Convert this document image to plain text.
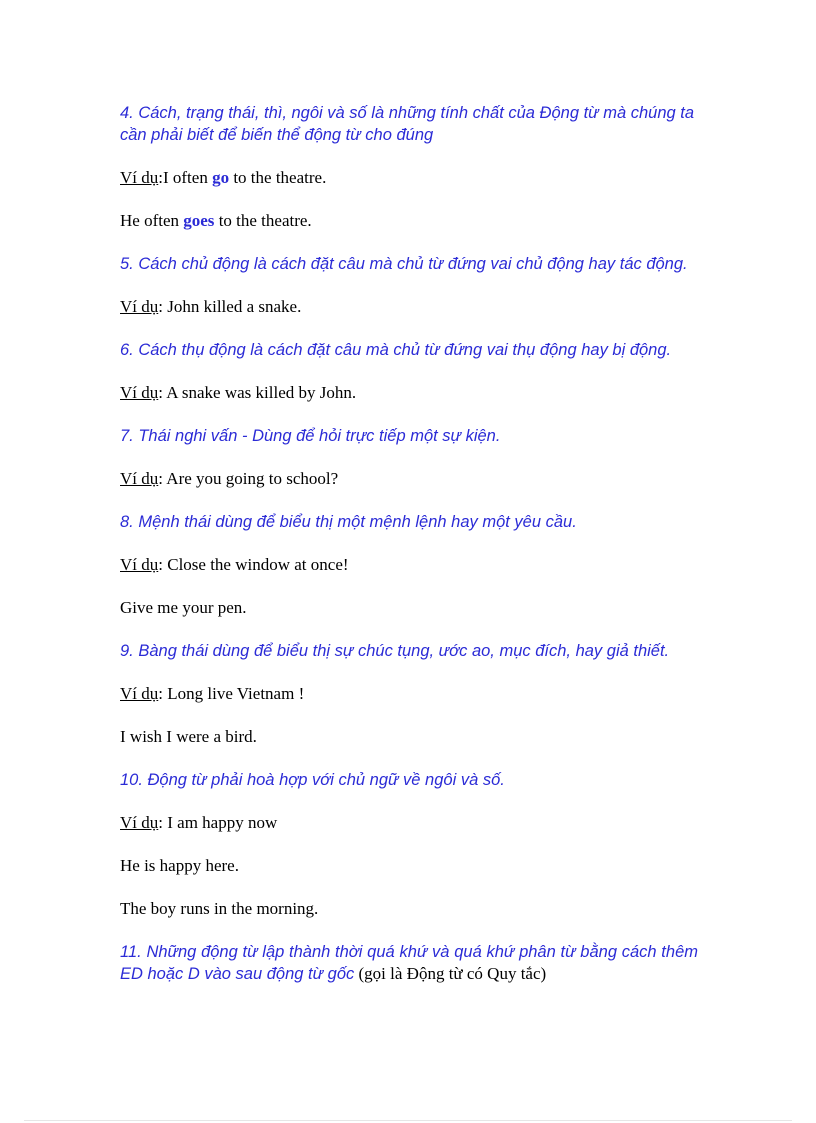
4. Cách, trạng thái, thì, ngôi và số là những tính chất của Động từ mà chúng ta cần phải biết để biến thể động từ cho đúng

Ví dụ:I often go to the theatre.

He often goes to the theatre.

5. Cách chủ động là cách đặt câu mà chủ từ đứng vai chủ động hay tác động.

Ví dụ: John killed a snake.

6. Cách thụ động là cách đặt câu mà chủ từ đứng vai thụ động hay bị động.

Ví dụ: A snake was killed by John.

7. Thái nghi vấn - Dùng để hỏi trực tiếp một sự kiện.

Ví dụ: Are you going to school?

8. Mệnh thái dùng để biểu thị một mệnh lệnh hay một yêu cầu.

Ví dụ: Close the window at once!

Give me your pen.

9. Bàng thái dùng để biểu thị sự chúc tụng, ước ao, mục đích, hay giả thiết.

Ví dụ: Long live Vietnam !

I wish I were a bird.

10. Động từ phải hoà hợp với chủ ngữ về ngôi và số.

Ví dụ: I am happy now

He is happy here.

The boy runs in the morning.

11. Những động từ lập thành thời quá khứ và quá khứ phân từ bằng cách thêm ED hoặc D vào sau động từ gốc (gọi là Động từ có Quy tắc)
